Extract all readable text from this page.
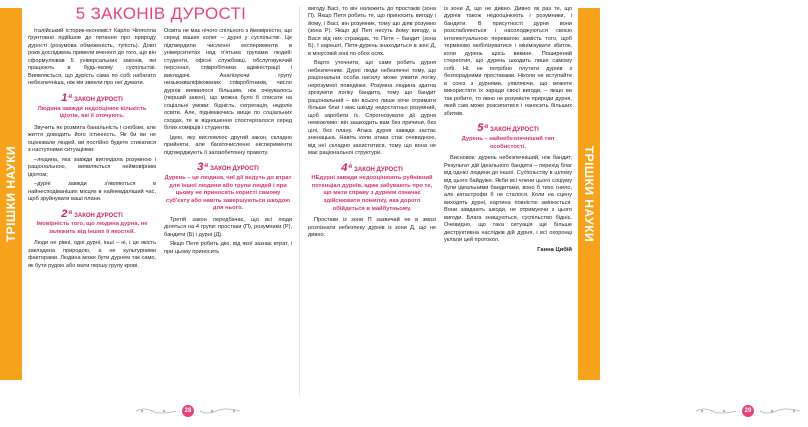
ТРІШКИ НАУКИ	ТРІШКИ НАУКИ
5 ЗАКОНІВ ДУРОСТІ

Італійський історик-економіст Карло Чіпполла ґрунтовно підійшов до питання про природу дурості (розумова обмеженість, тупість). Довгі роки досліджень привели вченого до того, що він сформулював 5 універсальних законів, які працюють в будь-якому суспільстві. Виявляється, що дурість сама по собі набагато небезпечніша, ніж ми звикли про неї думати.

$1^{-й}$ ЗАКОН ДУРОСТІ
Людина завжди недооцінює кількість ідіотів, які її оточують.

Звучить як розмита банальність і снобізм, але життя доводить його істинність. Як би ви не оцінювали людей, ви постійно будете стикатися з наступними ситуаціями:

–людина, яка завжди виглядала розумною і раціональною, виявляється неймовірним ідіотом;

–дурні завжди з'являються в найнесподіваніших місцях в найневдаліший час, щоб зруйнувати ваші плани.

$2^{-й}$ ЗАКОН ДУРОСТІ
Імовірність того, що людина дурна, не залежить від інших її якостей.

Люди не рівні, одні дурні, інші – ні, і це якість закладена природою, а не культурними факторами. Людина може бути дурнем так само, як бути рудою або мати першу групу крові.

Освіта не має нічого спільного з ймовірністю, що серед ваших колег – дурні у суспільстві. Це підтвердили численні експерименти в університетах над п'ятьма групами людей: студенти, офісні службовці, обслуговуючий персонал, співробітники адміністрації і викладачі. Аналізуючи групу низькокваліфікованих співробітників, число дурнів виявилося більшим, ніж очікувалось (перший закон), що можна було б списати на соціальні умови: бідність, сегрегація, недолік освіти. Але, піднімаючись вище по соціальних сходах, те ж відношення спостерігалося серед білих комірців і студентів.

Ідею, яку висловлює другий закон, складно прийняти, але багаточисленні експерименти підтверджують її залізобетонну правоту.

$3^{-й}$ ЗАКОН ДУРОСТІ
Дурень – це людина, чиї дії ведуть до втрат для іншої людини або групи людей і при цьому не приносять користі самому суб'єкту або навіть завершуються шкодою для нього.

Третій закон передбачає, що всі люди діляться на 4 групи: простаки (П), розумники (Р), бандити (Б) і дурні (Д).

Якщо Петя робить дію, від якої зазнає втрат, і при цьому приносить

28

вигоду Васі, то він належить до простаків (зона П). Якщо Петя робить те, що приносить вигоду і йому, і Васі, він розумник, тому що діяв розумно (зона Р). Якщо дії Петі несуть йому вигоду, а Вася від них страждає, то Петя – бандит (зона Б). І нарешті, Петя-дурень знаходиться в зоні Д, в мінусовій зоні по обох осях.

Варто уточнити, що саме робить дурня небезпечним. Дурні люди небезпечні тому, що раціональна особа насилу може уявити логіку нерозумної поведінки. Розумна людина здатна зрозуміти логіку бандита, тому що бандит раціональний – він всього лише хоче отримати більше благ і має шкоду недостатньо розумний, щоб заробити їх. Спрогнозувати дії дурня неможливо: він зашкодить вам без причини, без цілі, без плану. Атака дурня завжди застає зненацька. Навіть коли атака стає очевидною, від неї складно захиститися, тому що вона не має раціональної структури.

$4^{-й}$ ЗАКОН ДУРОСТІ
НЕдурні завжди недооцінюють руйнівний потенціал дурнів, адже забувають про те, що мати справу з дурнем означає здійснювати помилку, яка дорого обійдеться в майбутньому.

Простаки із зони П зазвичай не в змозі розпізнати небезпеку дурнів із зони Д, що не дивно.

із зони Д, що не дивно. Дивно як раз те, що дурнів також недооцінюють і розумники, і бандити. В присутності дурня вони розслабляються і насолоджуються своєю інтелектуальною перевагою замість того, щоб терміново мобілізуватися і мінімізувати збиток, коли дурень щось викине. Поширений стереотип, що дурень шкодить лише самому собі. Ні, не потрібно плутати дурнів з безпорадними простаками. Ніколи не вступайте в союз з дурнями, уявляючи, що можете використати їх заради своєї вигоди, – якщо ви так робите, то явно не розумієте природи дурня, який сам може розсипатися і наносить більших збитків.

$5^{-й}$ ЗАКОН ДУРОСТІ
Дурень – найнебезпечніший тип особистості.

Висновок: дурень небезпечніший, ніж бандит. Результат дій ідеального бандита – перехід благ від однієї людини до іншої. Суспільству в цілому від цього байдуже. Якби всі члени цього соціуму були ідеальними бандитами, воно б тихо гнило, але катастрофи б не сталося. Коли на сцену виходять дурні, картина повністю змінюється. Вони завдають шкоди, не отримуючи з цього вигоди. Блага знищуються, суспільство бідніє. Очевидно, що така ситуація ще більше деструктивна наслідків дій дурня, і всі охоронці уклали цей протокол.

Ганна Цибій
29
